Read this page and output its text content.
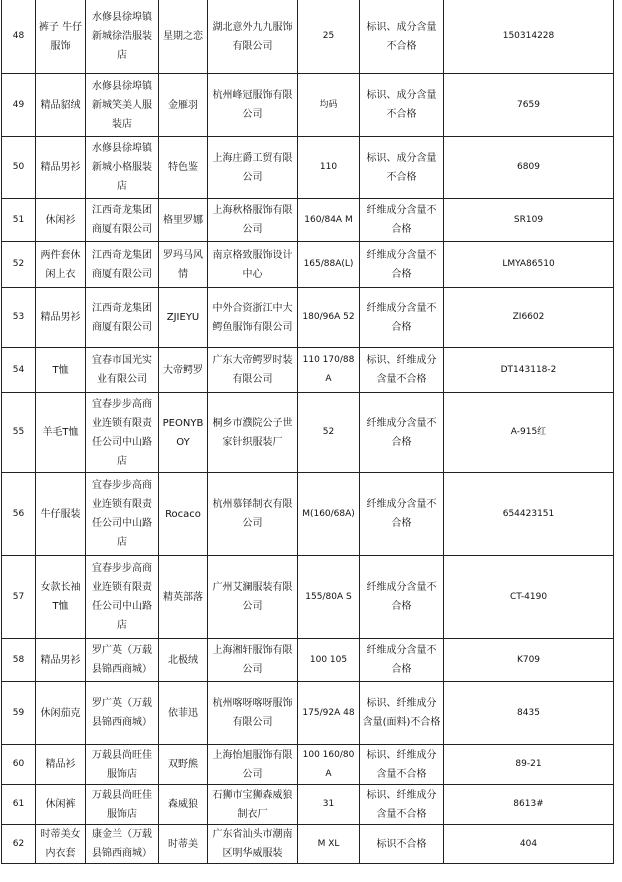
48	裤子 牛仔服饰	水修县徐埠镇新城徐浩服装店	星期之恋	湖北意外九九服饰有限公司	25	标识、成分含量不合格	150314228
49	精品貂绒	水修县徐埠镇新城笑美人服装店	金雁羽	杭州峰冠服饰有限公司	均码	标识、成分含量不合格	7659
50	精品男衫	水修县徐埠镇新城小格服装店	特色鉴	上海庄爵工贸有限公司	110	标识、成分含量不合格	6809
51	休闲衫	江西奇龙集团商厦有限公司	格里罗娜	上海秋格服饰有限公司	160/84A M	纤维成分含量不合格	SR109
52	两件套休闲上衣	江西奇龙集团商厦有限公司	罗玛马风情	南京格致服饰设计中心	165/88A(L)	纤维成分含量不合格	LMYA86510
53	精品男衫	江西奇龙集团商厦有限公司	ZJIEYU	中外合资浙江中大鳄鱼服饰有限公司	180/96A 52	纤维成分含量不合格	ZI6602
54	T恤	宜春市国光实业有限公司	大帝鳄罗	广东大帝鳄罗时装有限公司	110 170/88A	标识、纤维成分含量不合格	DT143118-2
55	羊毛T恤	宜春步步高商业连锁有限责任公司中山路店	PEONYBOY	桐乡市濮院公子世家针织服装厂	52	纤维成分含量不合格	A-915红
56	牛仔服装	宜春步步高商业连锁有限责任公司中山路店	Rocaco	杭州慕铎制衣有限公司	M(160/68A)	纤维成分含量不合格	654423151
57	女款长袖T恤	宜春步步高商业连锁有限责任公司中山路店	精英部落	广州艾澜服装有限公司	155/80A S	纤维成分含量不合格	CT-4190
58	精品男衫	罗广英（万载县锦西商城）	北极绒	上海湘轩服饰有限公司	100 105	纤维成分含量不合格	K709
59	休闲茄克	罗广英（万载县锦西商城）	依菲迅	杭州喀呀喀呀服饰有限公司	175/92A 48	标识、纤维成分含量(面料)不合格	8435
60	精品衫	万载县尚旺佳服饰店	双野熊	上海怡旭服饰有限公司	100 160/80A	标识、纤维成分含量不合格	89-21
61	休闲裤	万载县尚旺佳服饰店	森威狼	石狮市宝狮森威狼制衣厂	31	标识、纤维成分含量不合格	8613#
62	时蒂美女内衣套	康金兰（万载县锦西商城）	时蒂美	广东省汕头市潮南区明华威服装	M XL	标识不合格	404
